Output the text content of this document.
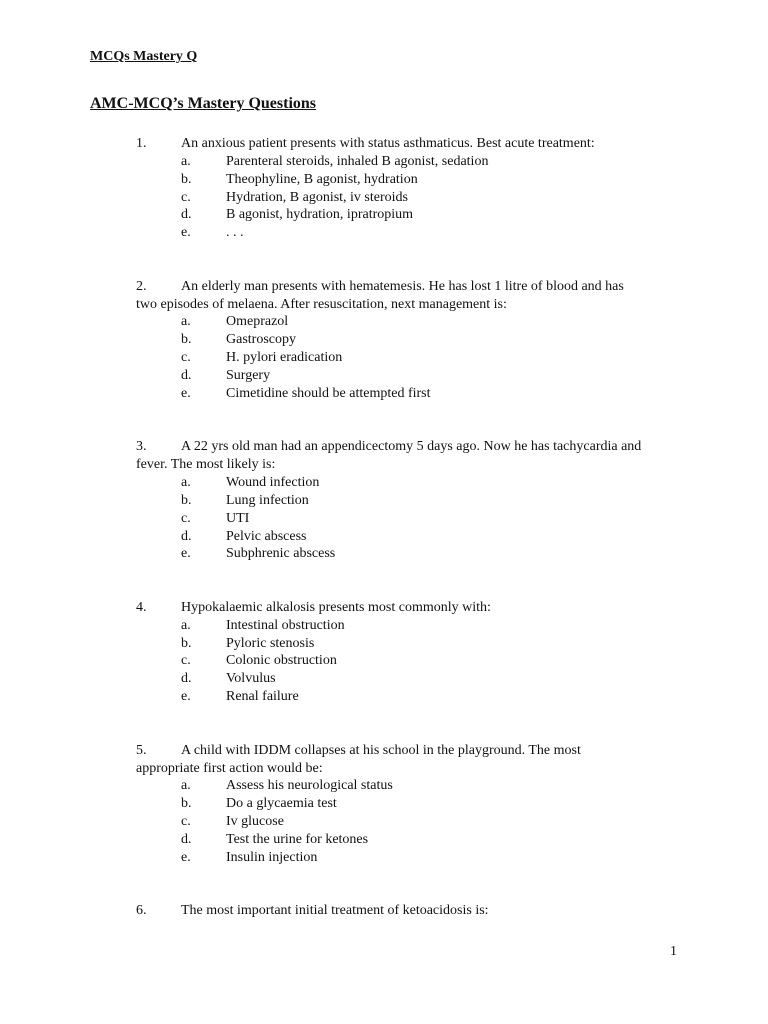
MCQs Mastery Q
AMC-MCQ’s Mastery Questions
1. An anxious patient presents with status asthmaticus. Best acute treatment:
a.	Parenteral steroids, inhaled B agonist, sedation
b. Theophyline, B agonist, hydration
c.	Hydration, B agonist, iv steroids
d. B agonist, hydration, ipratropium
e.	. . .
2. An elderly man presents with hematemesis. He has lost 1 litre of blood and has
two episodes of melaena. After resuscitation, next management is:
a.	Omeprazol
b. Gastroscopy
c.	H. pylori eradication
d. Surgery
e.	Cimetidine should be attempted first
3. A 22 yrs old man had an appendicectomy 5 days ago. Now he has tachycardia and
fever. The most likely is:
a.	Wound infection
b. Lung infection
c.	UTI
d. Pelvic abscess
e.	Subphrenic abscess
4. Hypokalaemic alkalosis presents most commonly with:
a.	Intestinal obstruction
b. Pyloric stenosis
c.	Colonic obstruction
d. Volvulus
e.	Renal failure
5. A child with IDDM collapses at his school in the playground. The most
appropriate first action would be:
a.	Assess his neurological status
b. Do a glycaemia test
c.	Iv glucose
d. Test the urine for ketones
e.	Insulin injection
6. The most important initial treatment of ketoacidosis is:
1
